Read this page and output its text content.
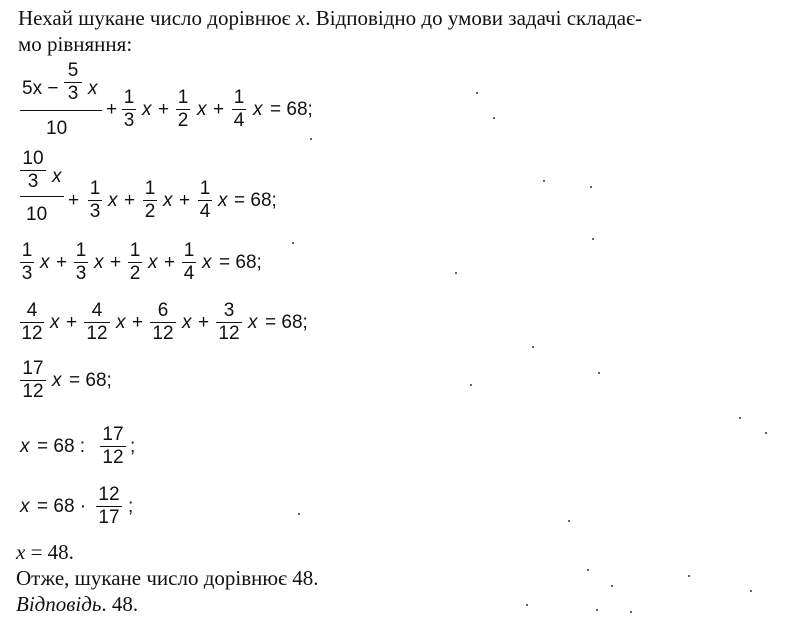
Нехай шукане число дорівнює x. Відповідно до умови задачі складає-
мо рівняння:
5x −
5
3 x
10
+
1
3
x +
1
2
x +
1
4
x = 68;
10
3 x
10
+
1
3
x +
1
2
x +
1
4
x = 68;
1
3
x +
1
3
x +
1
2
x +
1
4
x = 68;
4
12
x +
4
12
x +
6
12
x +
3
12
x = 68;
17
12
x = 68;
x = 68 :
17
12
;
x = 68 ·
12
17
;
x = 48.
Отже, шукане число дорівнює 48.
Відповідь. 48.
